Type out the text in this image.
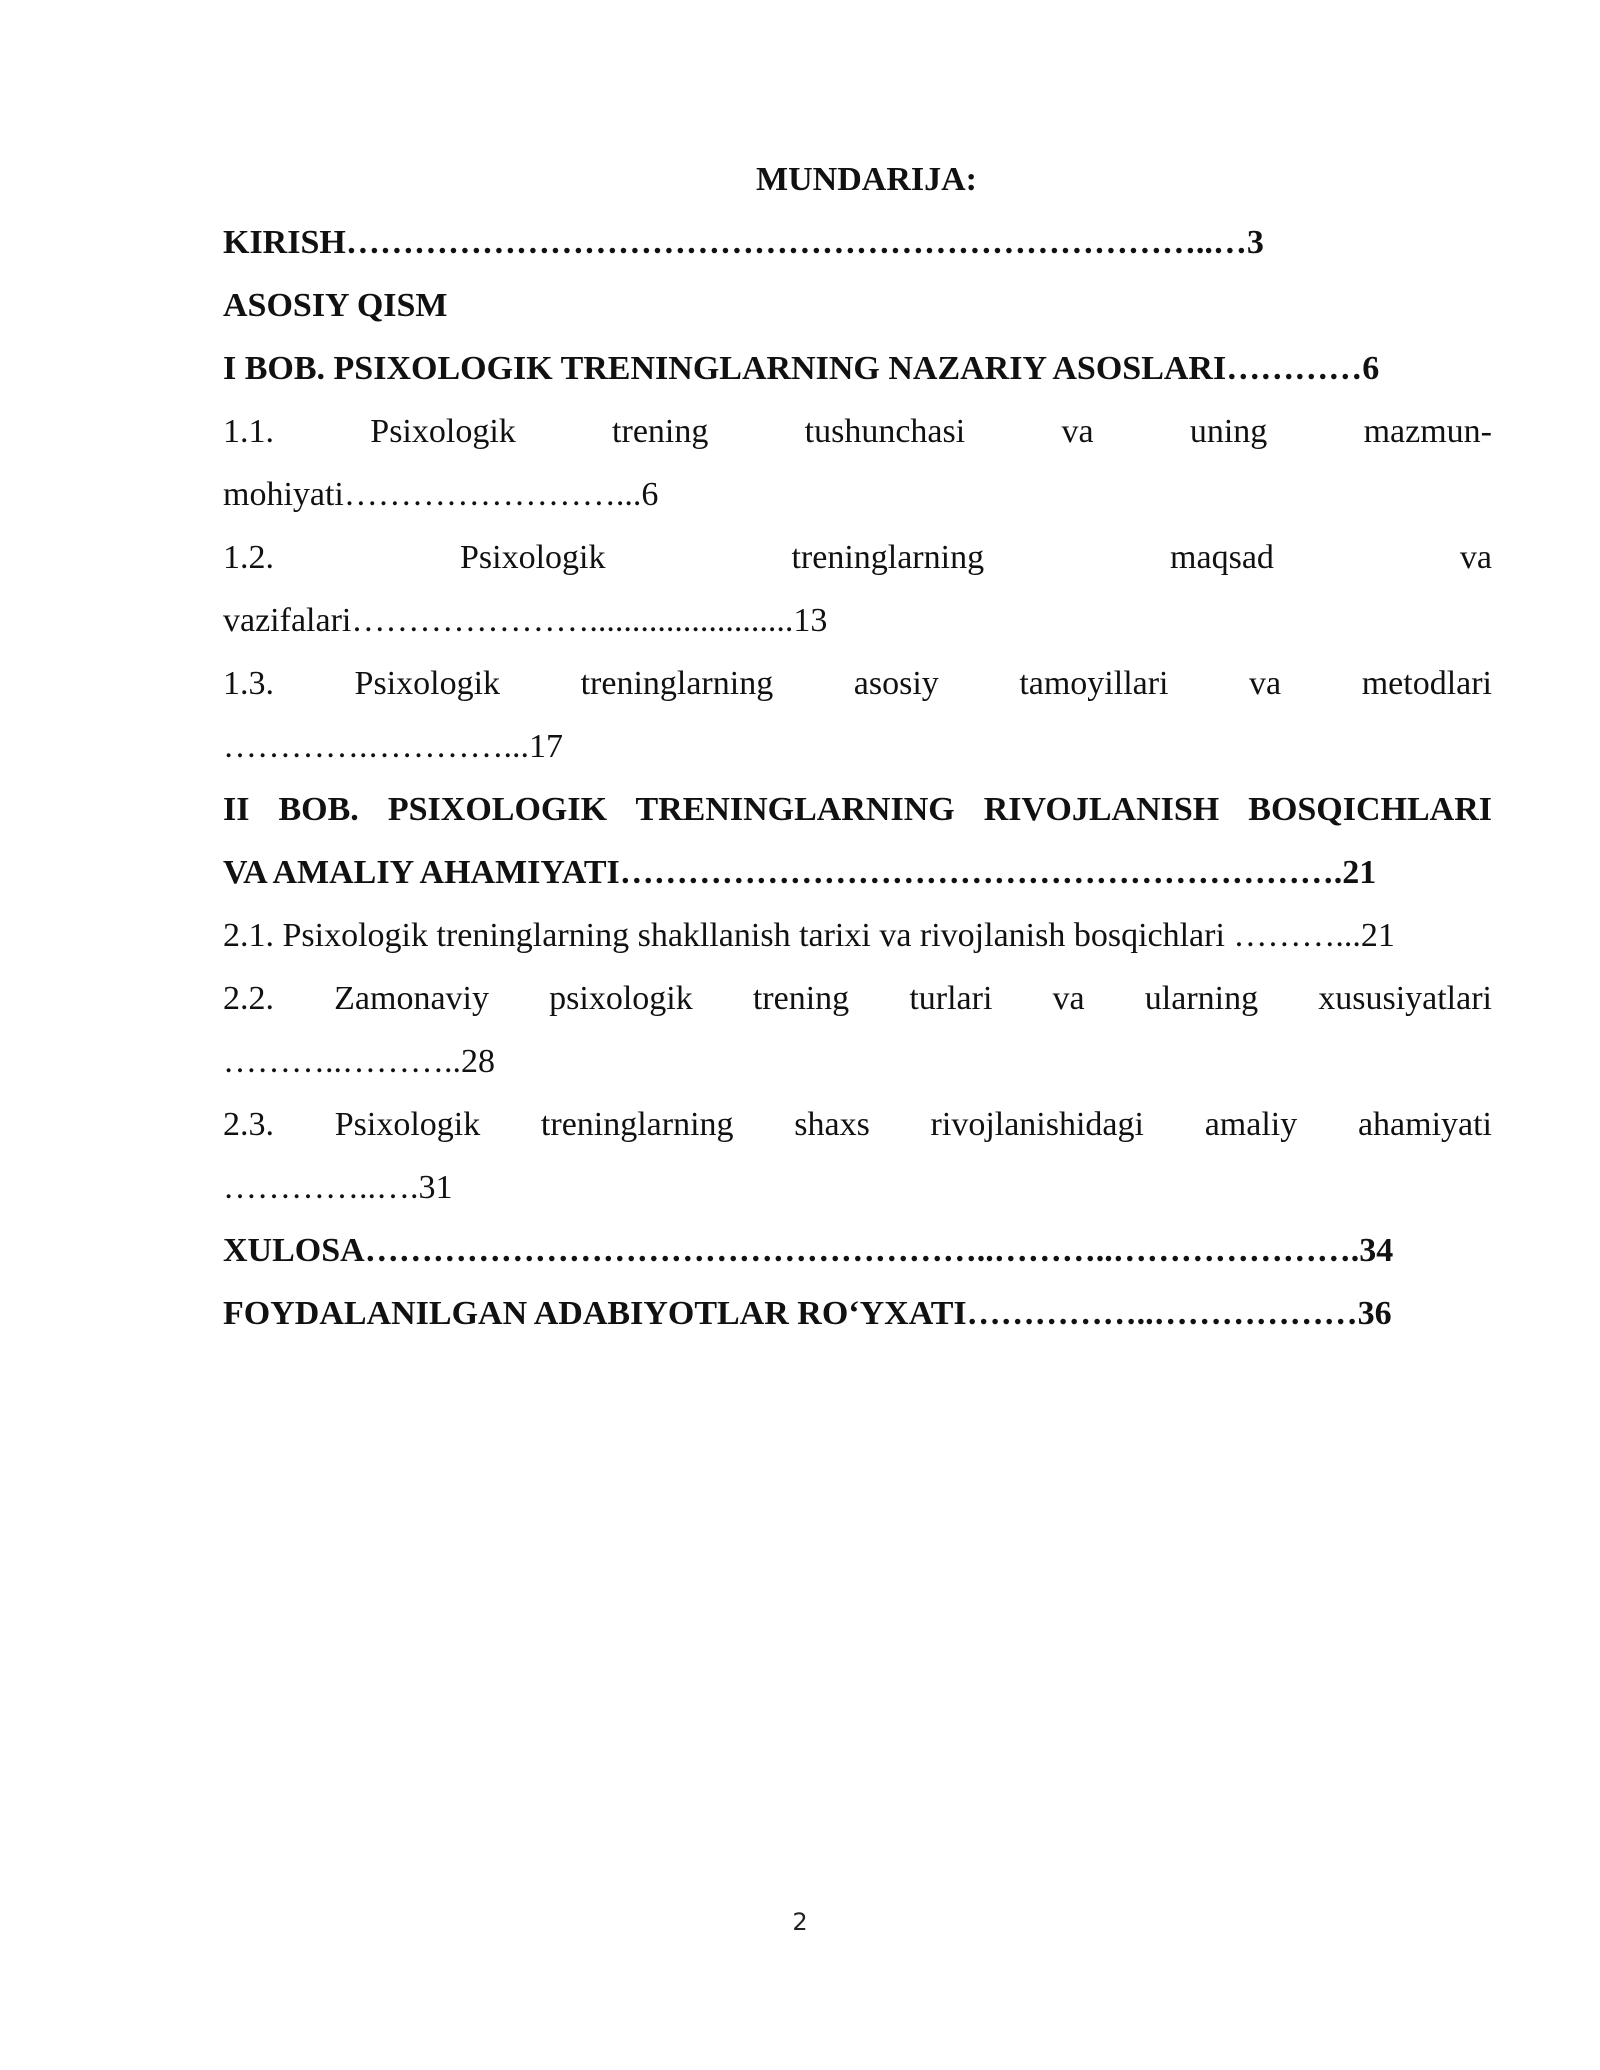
MUNDARIJA:
KIRISH…………………………………………………………………..…3
ASOSIY QISM
I BOB. PSIXOLOGIK TRENINGLARNING NAZARIY ASOSLARI…………6
1.1. Psixologik trening tushunchasi va uning mazmun-
mohiyati……………………...6
1.2. Psixologik treninglarning maqsad va
vazifalari…………………........................13
1.3. Psixologik treninglarning asosiy tamoyillari va metodlari
………….…………...17
II BOB. PSIXOLOGIK TRENINGLARNING RIVOJLANISH BOSQICHLARI
VA AMALIY AHAMIYATI……………………………………………………….21
2.1. Psixologik treninglarning shakllanish tarixi va rivojlanish bosqichlari ………...21
2.2. Zamonaviy psixologik trening turlari va ularning xususiyatlari
………..………..28
2.3. Psixologik treninglarning shaxs rivojlanishidagi amaliy ahamiyati
…………..….31
XULOSA………………………………………………..………..………………….34
FOYDALANILGAN ADABIYOTLAR RO‘YXATI……………..………………36
2
